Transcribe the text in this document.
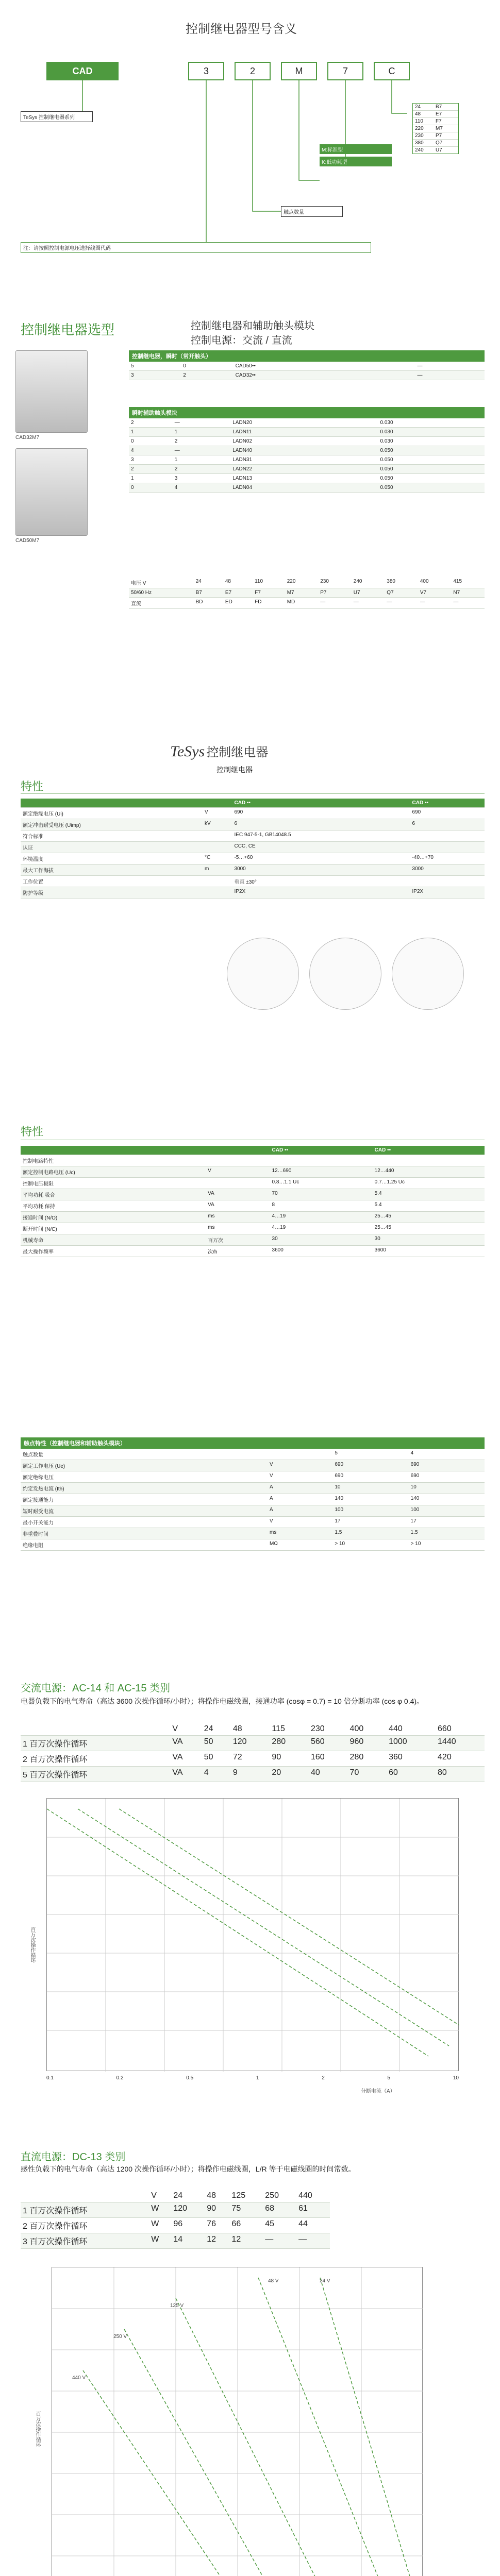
控制继电器型号含义
CAD	3	2	M	7	C
TeSys 控制继电器系列
M:标准型
K:低功耗型
触点数量
24	B7
48	E7
110	F7
220	M7
230	P7
380	Q7
240	U7
注：请按照控制电源电压选择线圈代码
控制继电器选型	控制继电器和辅助触头模块
控制电源：交流 / 直流
CAD32M7
CAD50M7
控制继电器，瞬时（常开触头）
5	0	CAD50••	—
3	2	CAD32••	—
瞬时辅助触头模块
2	—	LADN20	0.030
1	1	LADN11	0.030
0	2	LADN02	0.030
4	—	LADN40	0.050
3	1	LADN31	0.050
2	2	LADN22	0.050
1	3	LADN13	0.050
0	4	LADN04	0.050
电压 V	24	48	110	220	230	240	380	400	415
50/60 Hz	B7	E7	F7	M7	P7	U7	Q7	V7	N7
直流	BD	ED	FD	MD	—	—	—	—	—
TeSys 控制继电器
控制继电器
特性
		CAD ••	CAD ••
额定绝缘电压 (Ui)	V	690	690
额定冲击耐受电压 (Uimp)	kV	6	6
符合标准		IEC 947-5-1, GB14048.5	
认证		CCC, CE	
环境温度	°C	-5…+60	-40…+70
最大工作海拔	m	3000	3000
工作位置		垂直 ±30°	
防护等级		IP2X	IP2X
特性
		CAD ••	CAD ••
控制电路特性			
额定控制电路电压 (Uc)	V	12…690	12…440
控制电压极限		0.8…1.1 Uc	0.7…1.25 Uc
平均功耗 吸合	VA	70	5.4
平均功耗 保持	VA	8	5.4
接通时间 (N/O)	ms	4…19	25…45
断开时间 (N/C)	ms	4…19	25…45
机械寿命	百万次	30	30
最大操作频率	次/h	3600	3600
触点特性（控制继电器和辅助触头模块）
触点数量		5	4
额定工作电压 (Ue)	V	690	690
额定绝缘电压	V	690	690
约定发热电流 (Ith)	A	10	10
额定接通能力	A	140	140
短时耐受电流	A	100	100
最小开关能力	V	17	17
非重叠时间	ms	1.5	1.5
绝缘电阻	MΩ	> 10	> 10
交流电源：AC-14 和 AC-15 类别
电器负载下的电气寿命（高达 3600 次操作循环/小时）；将操作电磁线圈，接通功率 (cosφ = 0.7) = 10 倍分断功率 (cos φ 0.4)。
	V	24	48	115	230	400	440	660
1 百万次操作循环	VA	50	120	280	560	960	1000	1440
2 百万次操作循环	VA	50	72	90	160	280	360	420
5 百万次操作循环	VA	4	9	20	40	70	60	80
百万次操作循环
0.1	0.2	0.5	1	2	5	10
分断电流（A）
直流电源：DC-13 类别
感性负载下的电气寿命（高达 1200 次操作循环/小时）；将操作电磁线圈，L/R 等于电磁线圈的时间常数。
	V	24	48	125	250	440
1 百万次操作循环	W	120	90	75	68	61
2 百万次操作循环	W	96	76	66	45	44
3 百万次操作循环	W	14	12	12	—	—
24 V
48 V
125 V
250 V
440 V
百万次操作循环
